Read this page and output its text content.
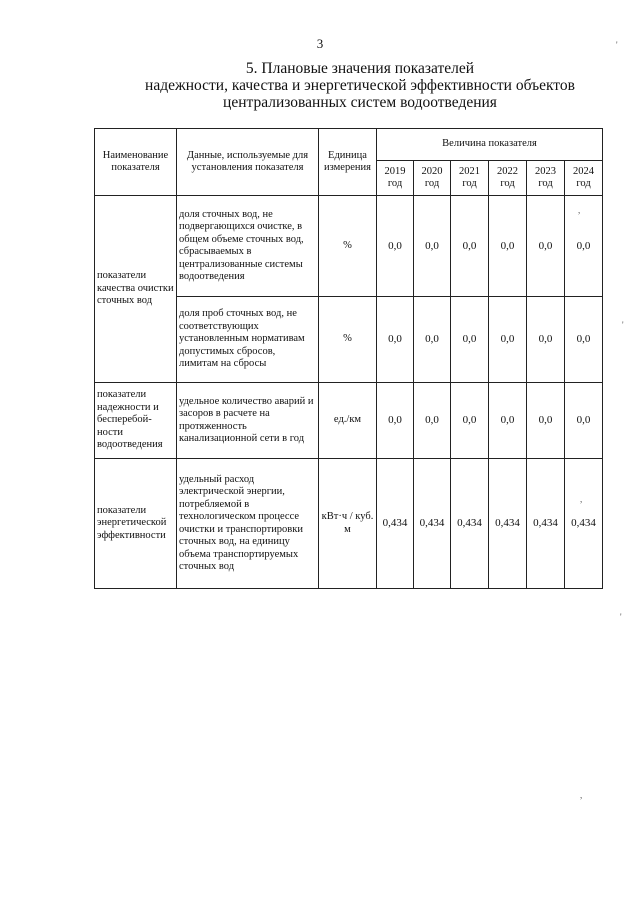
3
5. Плановые значения показателей
надежности, качества и энергетической эффективности объектов
централизованных систем водоотведения
Наименование показателя	Данные, используемые для установления показателя	Единица измерения	Величина показателя					
			2019 год	2020 год	2021 год	2022 год	2023 год	2024 год
показатели качества очистки сточных вод	доля сточных вод, не подвергающихся очистке, в общем объеме сточных вод, сбрасываемых в централизованные системы водоотведения	%	0,0	0,0	0,0	0,0	0,0	0,0
	доля проб сточных вод, не соответствующих установленным нормативам допустимых сбросов, лимитам на сбросы	%	0,0	0,0	0,0	0,0	0,0	0,0
показатели надежности и бесперебой-ности водоотведения	удельное количество аварий и засоров в расчете на протяженность канализационной сети в год	ед./км	0,0	0,0	0,0	0,0	0,0	0,0
показатели энергетической эффективности	удельный расход электрической энергии, потребляемой в технологическом процессе очистки и транспортировки сточных вод, на единицу объема транспортируемых сточных вод	кВт·ч / куб. м	0,434	0,434	0,434	0,434	0,434	0,434
'
'
'
,
,
,
